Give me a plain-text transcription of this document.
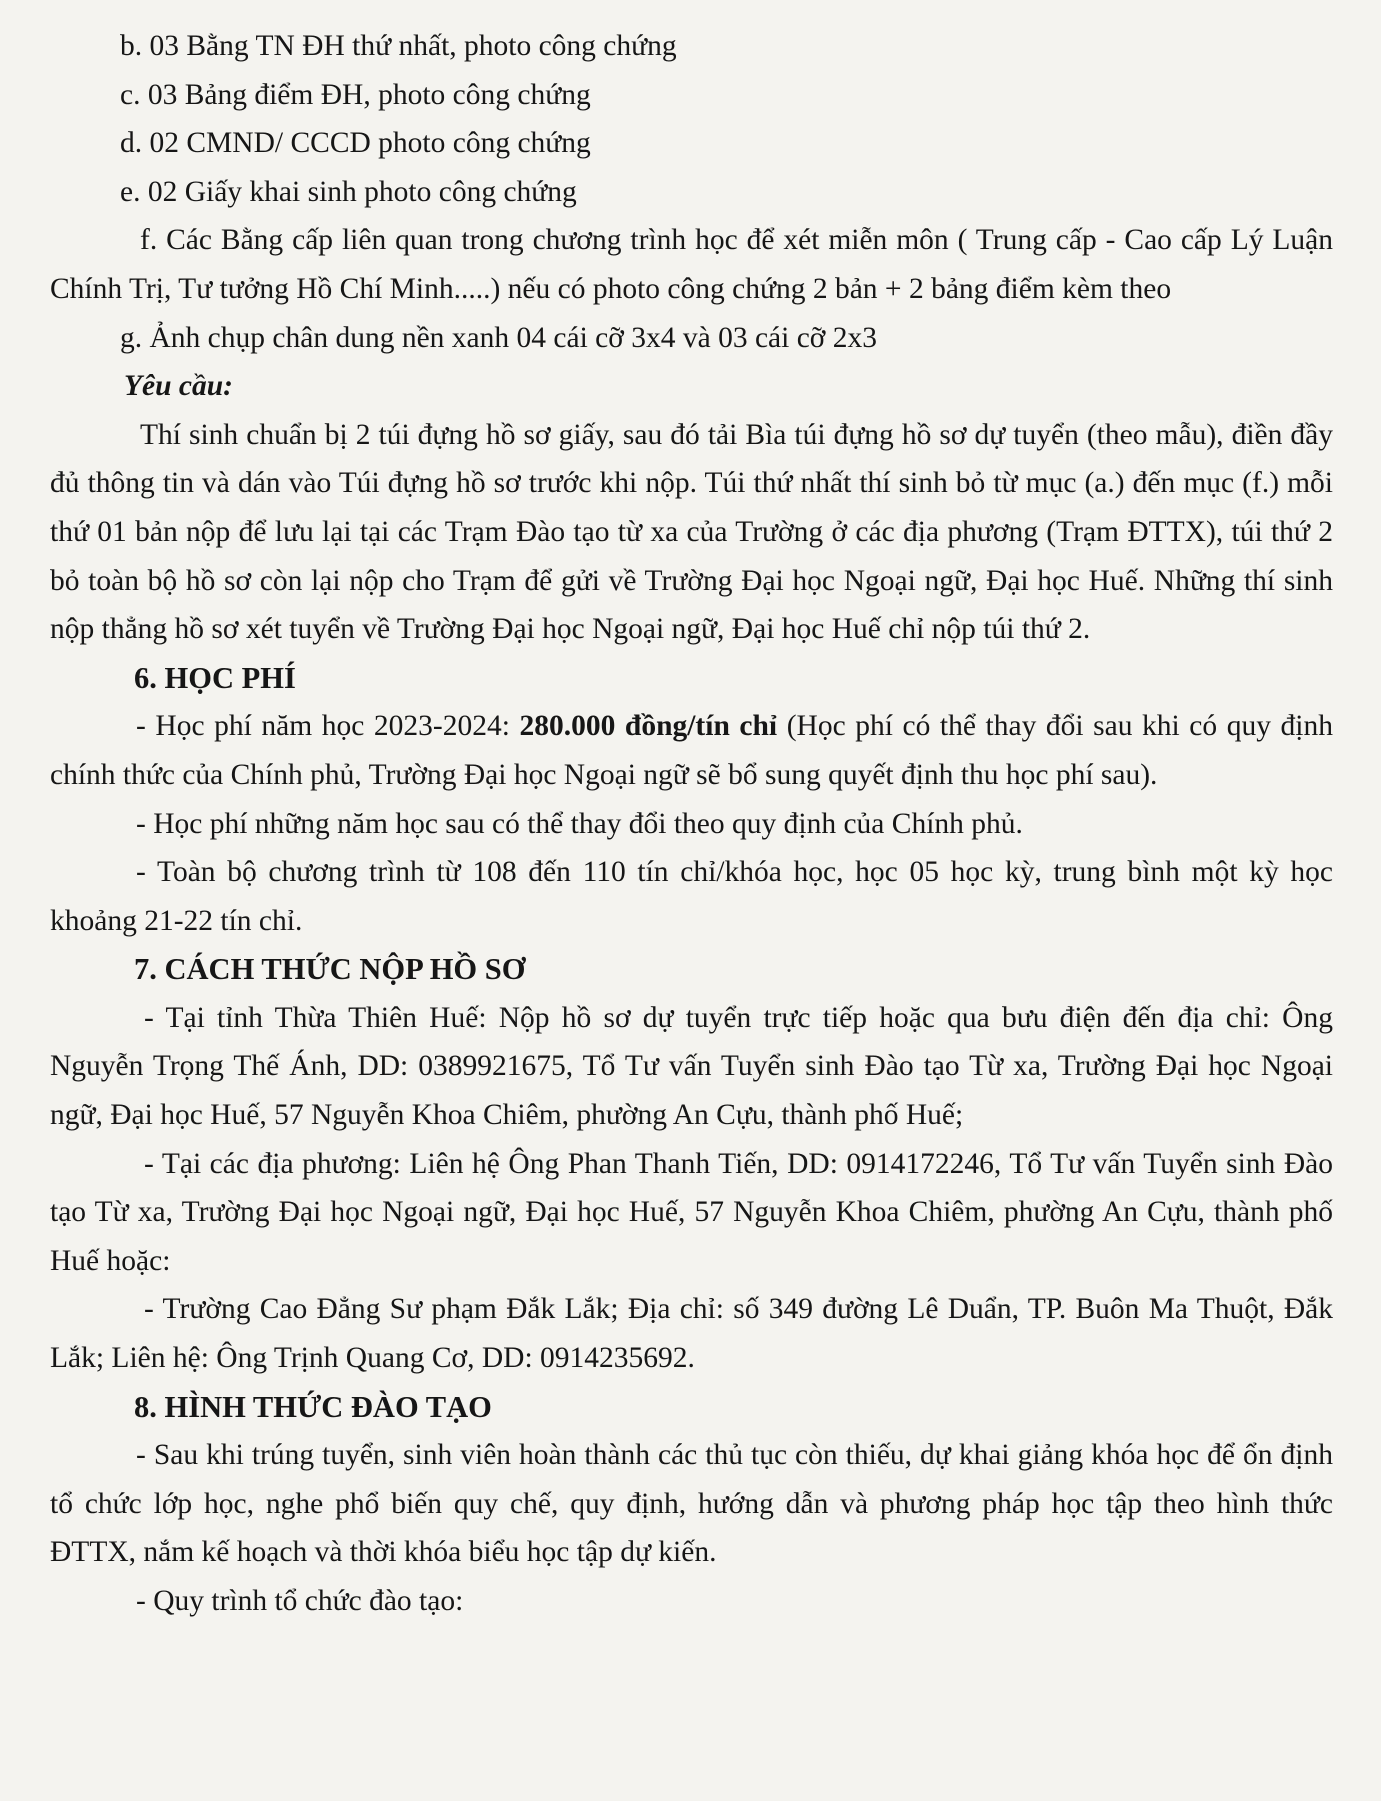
b. 03 Bằng TN ĐH thứ nhất, photo công chứng

c. 03 Bảng điểm ĐH, photo công chứng

d. 02 CMND/ CCCD photo công chứng

e. 02 Giấy khai sinh photo công chứng

f. Các Bằng cấp liên quan trong chương trình học để xét miễn môn ( Trung cấp - Cao cấp Lý Luận Chính Trị, Tư tưởng Hồ Chí Minh.....) nếu có photo công chứng 2 bản + 2 bảng điểm kèm theo

g. Ảnh chụp chân dung nền xanh 04 cái cỡ 3x4 và 03 cái cỡ 2x3

Yêu cầu:

Thí sinh chuẩn bị 2 túi đựng hồ sơ giấy, sau đó tải Bìa túi đựng hồ sơ dự tuyển (theo mẫu), điền đầy đủ thông tin và dán vào Túi đựng hồ sơ trước khi nộp. Túi thứ nhất thí sinh bỏ từ mục (a.) đến mục (f.) mỗi thứ 01 bản nộp để lưu lại tại các Trạm Đào tạo từ xa của Trường ở các địa phương (Trạm ĐTTX), túi thứ 2 bỏ toàn bộ hồ sơ còn lại nộp cho Trạm để gửi về Trường Đại học Ngoại ngữ, Đại học Huế. Những thí sinh nộp thẳng hồ sơ xét tuyển về Trường Đại học Ngoại ngữ, Đại học Huế chỉ nộp túi thứ 2.

6. HỌC PHÍ

- Học phí năm học 2023-2024: 280.000 đồng/tín chỉ (Học phí có thể thay đổi sau khi có quy định chính thức của Chính phủ, Trường Đại học Ngoại ngữ sẽ bổ sung quyết định thu học phí sau).

- Học phí những năm học sau có thể thay đổi theo quy định của Chính phủ.

- Toàn bộ chương trình từ 108 đến 110 tín chỉ/khóa học, học 05 học kỳ, trung bình một kỳ học khoảng 21-22 tín chỉ.

7. CÁCH THỨC NỘP HỒ SƠ

- Tại tỉnh Thừa Thiên Huế: Nộp hồ sơ dự tuyển trực tiếp hoặc qua bưu điện đến địa chỉ: Ông Nguyễn Trọng Thế Ánh, DD: 0389921675, Tổ Tư vấn Tuyển sinh Đào tạo Từ xa, Trường Đại học Ngoại ngữ, Đại học Huế, 57 Nguyễn Khoa Chiêm, phường An Cựu, thành phố Huế;

- Tại các địa phương: Liên hệ Ông Phan Thanh Tiến, DD: 0914172246, Tổ Tư vấn Tuyển sinh Đào tạo Từ xa, Trường Đại học Ngoại ngữ, Đại học Huế, 57 Nguyễn Khoa Chiêm, phường An Cựu, thành phố Huế hoặc:

- Trường Cao Đẳng Sư phạm Đắk Lắk; Địa chỉ: số 349 đường Lê Duẩn, TP. Buôn Ma Thuột, Đắk Lắk; Liên hệ: Ông Trịnh Quang Cơ, DD: 0914235692.

8. HÌNH THỨC ĐÀO TẠO

- Sau khi trúng tuyển, sinh viên hoàn thành các thủ tục còn thiếu, dự khai giảng khóa học để ổn định tổ chức lớp học, nghe phổ biến quy chế, quy định, hướng dẫn và phương pháp học tập theo hình thức ĐTTX, nắm kế hoạch và thời khóa biểu học tập dự kiến.

- Quy trình tổ chức đào tạo:
